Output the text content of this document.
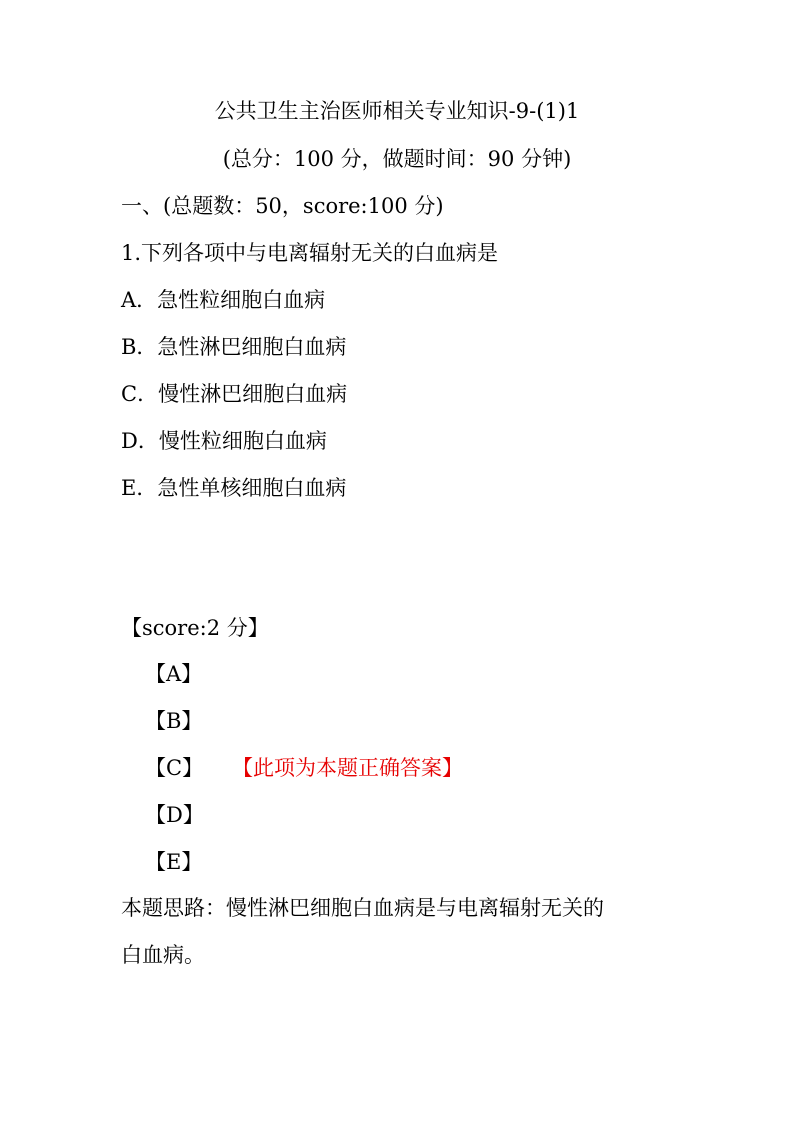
公共卫生主治医师相关专业知识-9-(1)1
(总分：100 分，做题时间：90 分钟)
一、(总题数：50，score:100 分)
1.下列各项中与电离辐射无关的白血病是
A．急性粒细胞白血病
B．急性淋巴细胞白血病
C．慢性淋巴细胞白血病
D．慢性粒细胞白血病
E．急性单核细胞白血病
【score:2 分】
【A】
【B】
【C】 【此项为本题正确答案】
【D】
【E】
本题思路：慢性淋巴细胞白血病是与电离辐射无关的
白血病。
